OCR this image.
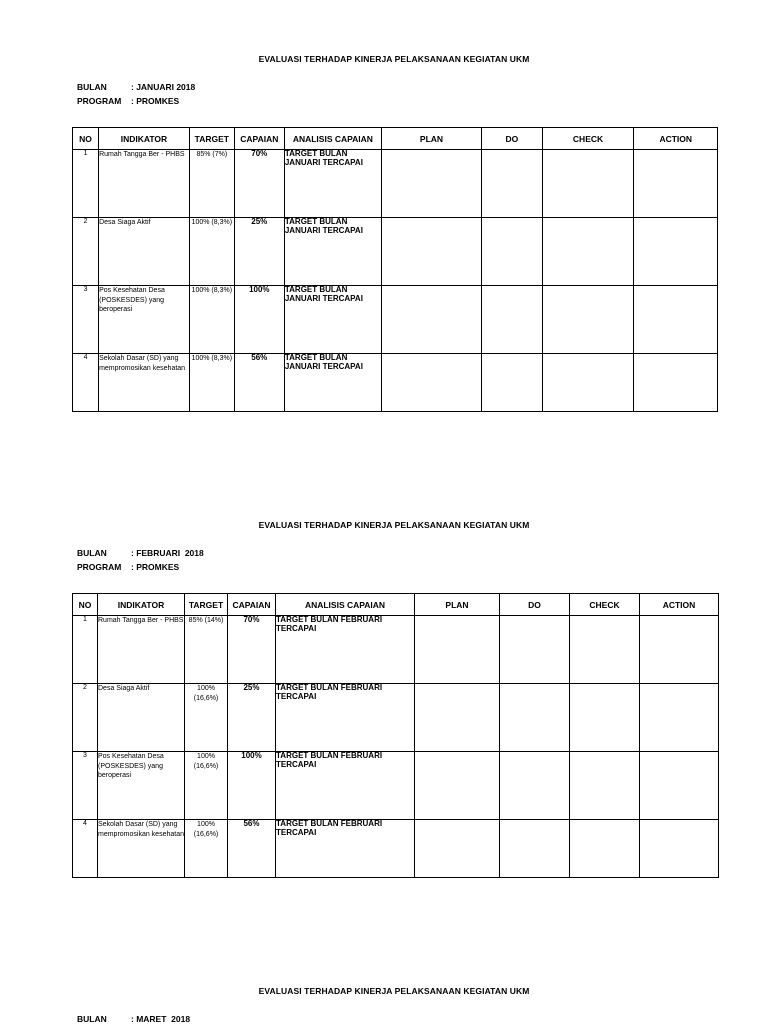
EVALUASI TERHADAP KINERJA PELAKSANAAN KEGIATAN UKM
BULAN	: JANUARI 2018
PROGRAM : PROMKES
NO	INDIKATOR	TARGET	CAPAIAN	ANALISIS CAPAIAN	PLAN	DO	CHECK	ACTION
1	Rumah Tangga Ber - PHBS	85% (7%)	70%	TARGET BULAN JANUARI TERCAPAI				

2	Desa Siaga Aktif	100% (8,3%)	25%	TARGET BULAN JANUARI TERCAPAI				

3	Pos Kesehatan Desa (POSKESDES) yang beroperasi	100% (8,3%)	100%	TARGET BULAN JANUARI TERCAPAI				

4	Sekolah Dasar (SD) yang mempromosikan kesehatan	100% (8,3%)	56%	TARGET BULAN JANUARI TERCAPAI				

EVALUASI TERHADAP KINERJA PELAKSANAAN KEGIATAN UKM
BULAN	: FEBRUARI  2018
PROGRAM : PROMKES
NO	INDIKATOR	TARGET	CAPAIAN	ANALISIS CAPAIAN	PLAN	DO	CHECK	ACTION
1	Rumah Tangga Ber - PHBS	85% (14%)	70%	TARGET BULAN FEBRUARI TERCAPAI				

2	Desa Siaga Aktif	100% (16,6%)	25%	TARGET BULAN FEBRUARI TERCAPAI				

3	Pos Kesehatan Desa (POSKESDES) yang beroperasi	100% (16,6%)	100%	TARGET BULAN FEBRUARI TERCAPAI				

4	Sekolah Dasar (SD) yang mempromosikan kesehatan	100% (16,6%)	56%	TARGET BULAN FEBRUARI TERCAPAI				

EVALUASI TERHADAP KINERJA PELAKSANAAN KEGIATAN UKM
BULAN	: MARET  2018
